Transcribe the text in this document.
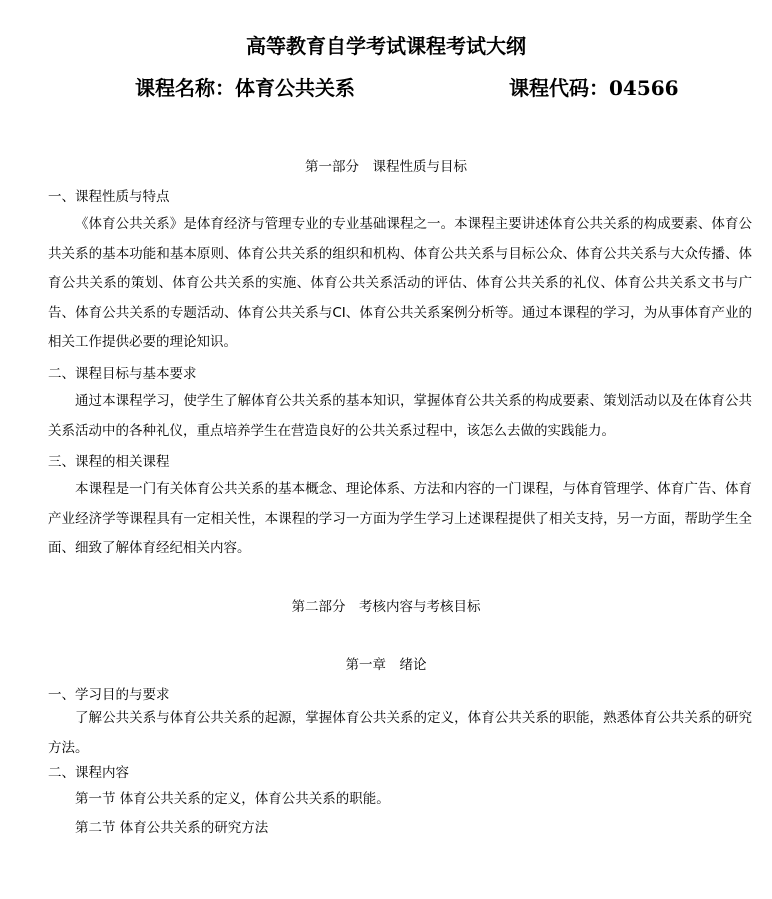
高等教育自学考试课程考试大纲
课程名称：体育公共关系	课程代码：04566
第一部分　课程性质与目标
一、课程性质与特点

《体育公共关系》是体育经济与管理专业的专业基础课程之一。本课程主要讲述体育公共关系的构成要素、体育公共关系的基本功能和基本原则、体育公共关系的组织和机构、体育公共关系与目标公众、体育公共关系与大众传播、体育公共关系的策划、体育公共关系的实施、体育公共关系活动的评估、体育公共关系的礼仪、体育公共关系文书与广告、体育公共关系的专题活动、体育公共关系与CI、体育公共关系案例分析等。通过本课程的学习，为从事体育产业的相关工作提供必要的理论知识。

二、课程目标与基本要求

通过本课程学习，使学生了解体育公共关系的基本知识，掌握体育公共关系的构成要素、策划活动以及在体育公共关系活动中的各种礼仪，重点培养学生在营造良好的公共关系过程中，该怎么去做的实践能力。

三、课程的相关课程

本课程是一门有关体育公共关系的基本概念、理论体系、方法和内容的一门课程，与体育管理学、体育广告、体育产业经济学等课程具有一定相关性，本课程的学习一方面为学生学习上述课程提供了相关支持，另一方面，帮助学生全面、细致了解体育经纪相关内容。

第二部分　考核内容与考核目标
第一章　绪论
一、学习目的与要求

了解公共关系与体育公共关系的起源，掌握体育公共关系的定义，体育公共关系的职能，熟悉体育公共关系的研究方法。

二、课程内容
第一节 体育公共关系的定义，体育公共关系的职能。
第二节 体育公共关系的研究方法
